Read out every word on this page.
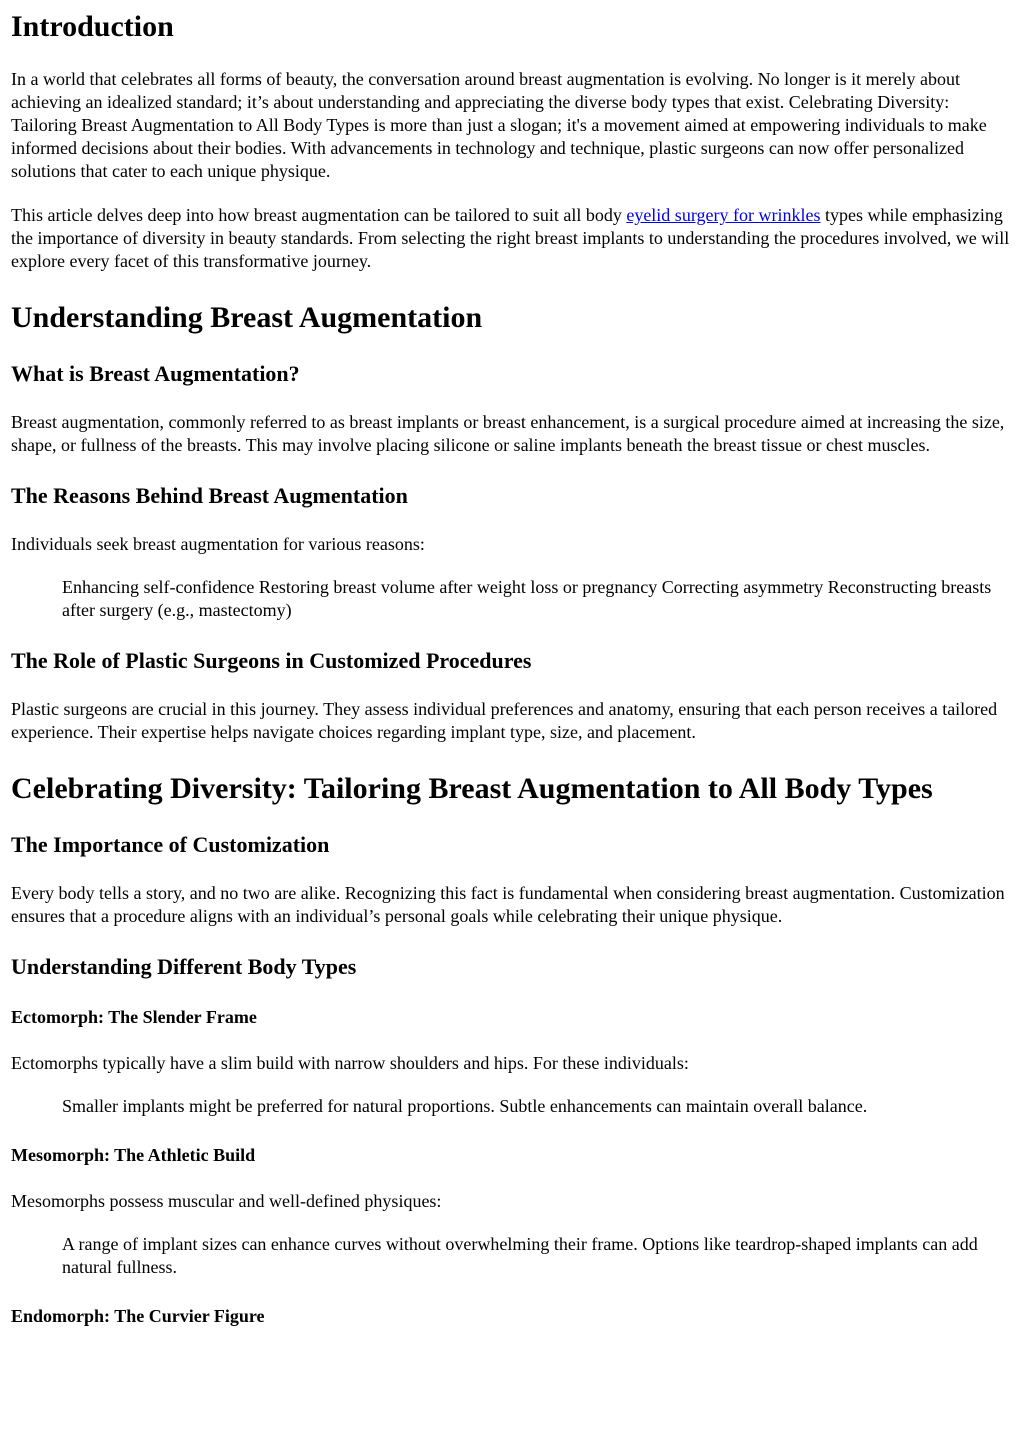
Introduction

In a world that celebrates all forms of beauty, the conversation around breast augmentation is evolving. No longer is it merely about achieving an idealized standard; it’s about understanding and appreciating the diverse body types that exist. Celebrating Diversity: Tailoring Breast Augmentation to All Body Types is more than just a slogan; it's a movement aimed at empowering individuals to make informed decisions about their bodies. With advancements in technology and technique, plastic surgeons can now offer personalized solutions that cater to each unique physique.

This article delves deep into how breast augmentation can be tailored to suit all body eyelid surgery for wrinkles types while emphasizing the importance of diversity in beauty standards. From selecting the right breast implants to understanding the procedures involved, we will explore every facet of this transformative journey.

Understanding Breast Augmentation
What is Breast Augmentation?

Breast augmentation, commonly referred to as breast implants or breast enhancement, is a surgical procedure aimed at increasing the size, shape, or fullness of the breasts. This may involve placing silicone or saline implants beneath the breast tissue or chest muscles.

The Reasons Behind Breast Augmentation

Individuals seek breast augmentation for various reasons:

Enhancing self-confidence Restoring breast volume after weight loss or pregnancy Correcting asymmetry Reconstructing breasts after surgery (e.g., mastectomy)
The Role of Plastic Surgeons in Customized Procedures

Plastic surgeons are crucial in this journey. They assess individual preferences and anatomy, ensuring that each person receives a tailored experience. Their expertise helps navigate choices regarding implant type, size, and placement.

Celebrating Diversity: Tailoring Breast Augmentation to All Body Types
The Importance of Customization

Every body tells a story, and no two are alike. Recognizing this fact is fundamental when considering breast augmentation. Customization ensures that a procedure aligns with an individual’s personal goals while celebrating their unique physique.

Understanding Different Body Types
Ectomorph: The Slender Frame

Ectomorphs typically have a slim build with narrow shoulders and hips. For these individuals:

Smaller implants might be preferred for natural proportions. Subtle enhancements can maintain overall balance.
Mesomorph: The Athletic Build

Mesomorphs possess muscular and well-defined physiques:

A range of implant sizes can enhance curves without overwhelming their frame. Options like teardrop-shaped implants can add natural fullness.
Endomorph: The Curvier Figure
